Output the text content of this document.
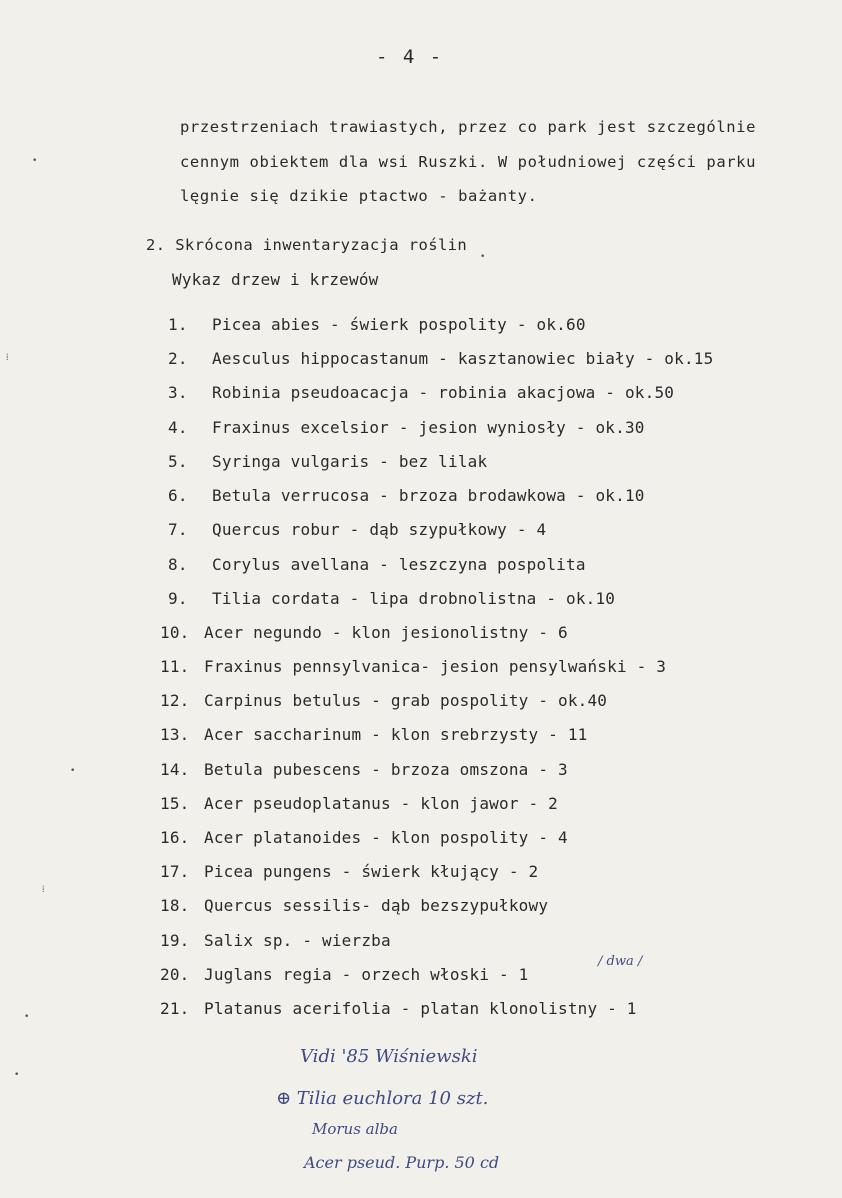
- 4 -
przestrzeniach trawiastych, przez co park jest szczególnie
cennym obiektem dla wsi Ruszki. W południowej części parku
lęgnie się dzikie ptactwo - bażanty.
2. Skrócona inwentaryzacja roślin
Wykaz drzew i krzewów
1. Picea abies - świerk pospolity - ok.60
2. Aesculus hippocastanum - kasztanowiec biały - ok.15
3. Robinia pseudoacacja - robinia akacjowa - ok.50
4. Fraxinus excelsior - jesion wyniosły - ok.30
5. Syringa vulgaris - bez lilak
6. Betula verrucosa - brzoza brodawkowa - ok.10
7. Quercus robur - dąb szypułkowy - 4
8. Corylus avellana - leszczyna pospolita
9. Tilia cordata - lipa drobnolistna - ok.10
10. Acer negundo - klon jesionolistny - 6
11. Fraxinus pennsylvanica- jesion pensylwański - 3
12. Carpinus betulus - grab pospolity - ok.40
13. Acer saccharinum - klon srebrzysty - 11
14. Betula pubescens - brzoza omszona - 3
15. Acer pseudoplatanus - klon jawor - 2
16. Acer platanoides - klon pospolity - 4
17. Picea pungens - świerk kłujący - 2
18. Quercus sessilis- dąb bezszypułkowy
19. Salix sp. - wierzba
20. Juglans regia - orzech włoski - 1
21. Platanus acerifolia - platan klonolistny - 1
/ dwa /
Vidi '85 Wiśniewski
⊕ Tilia euchlora 10 szt.
Morus alba
Acer pseud. Purp. 50 cd
•
⁞
•
⁞
•
•
•
